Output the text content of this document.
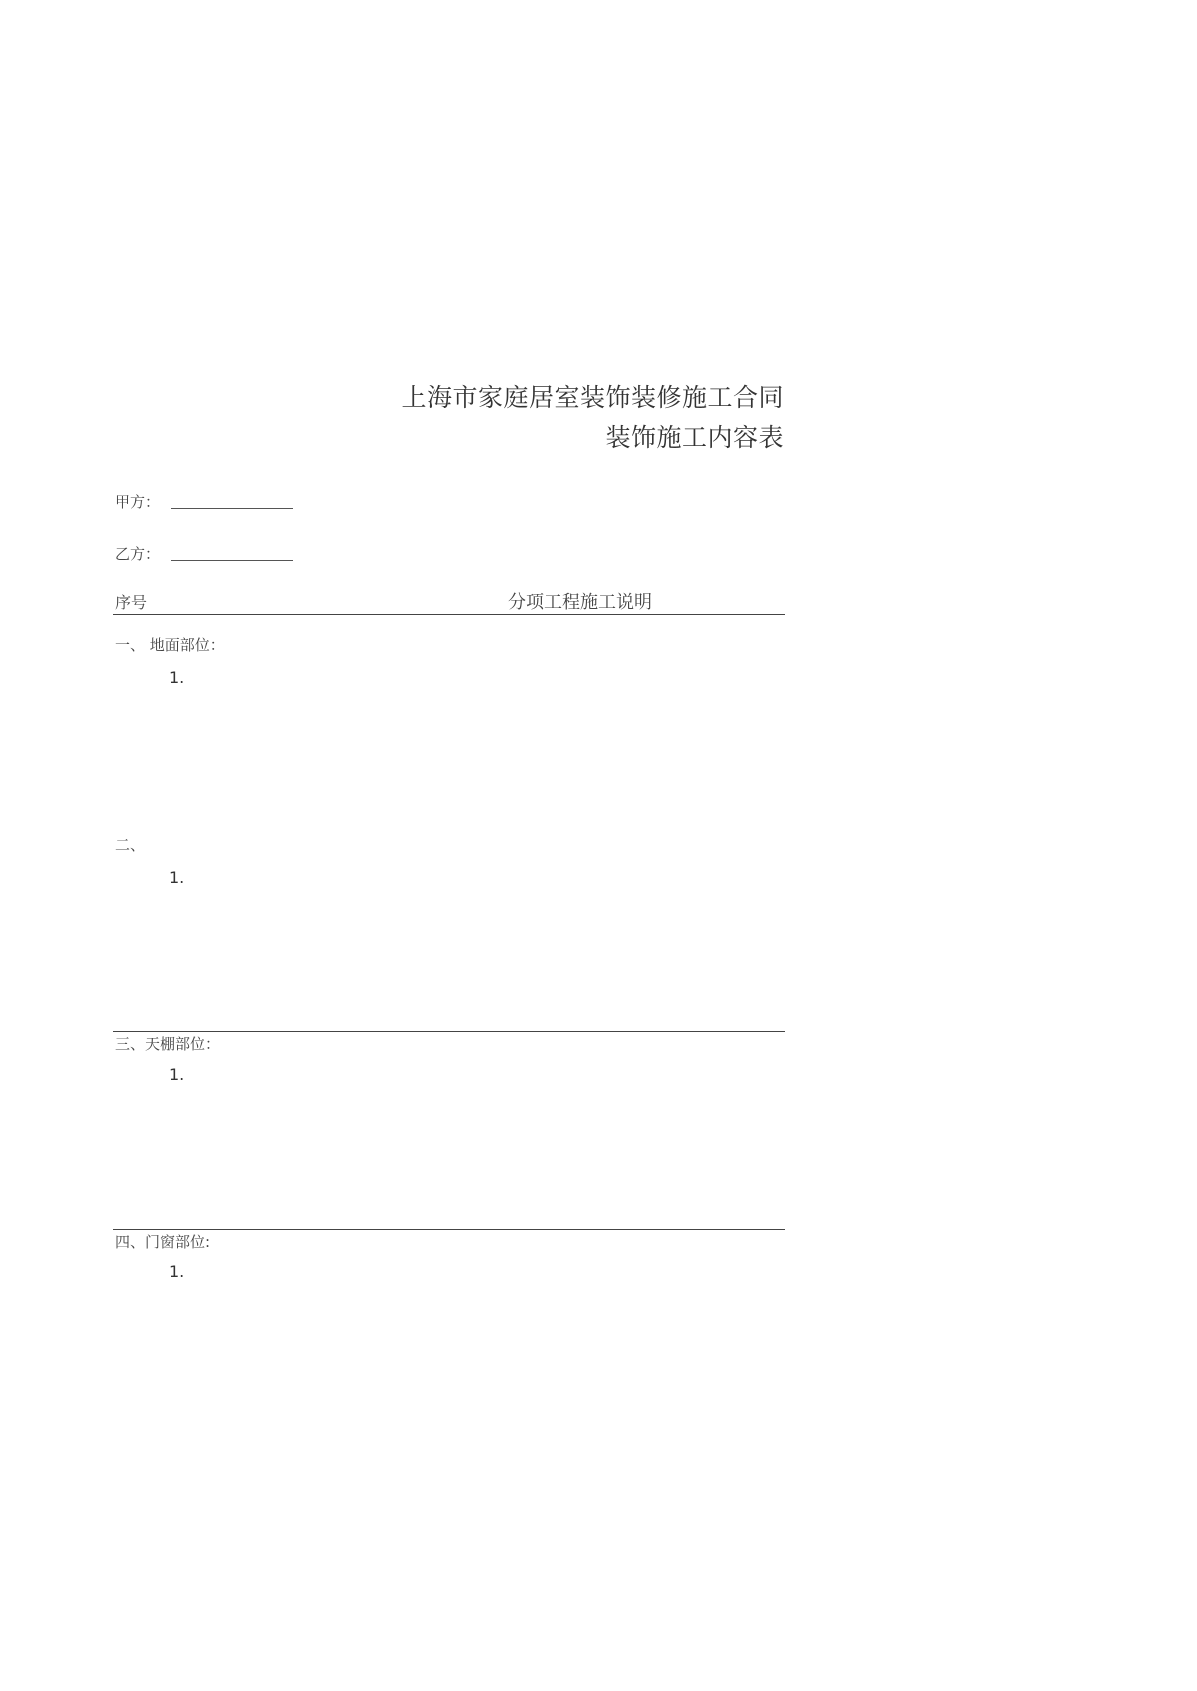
上海市家庭居室装饰装修施工合同
装饰施工内容表
甲方：
乙方：
序号	分项工程施工说明
一、 地面部位：
1.
二、
1.
三、天棚部位：
1.
四、门窗部位:
1.
